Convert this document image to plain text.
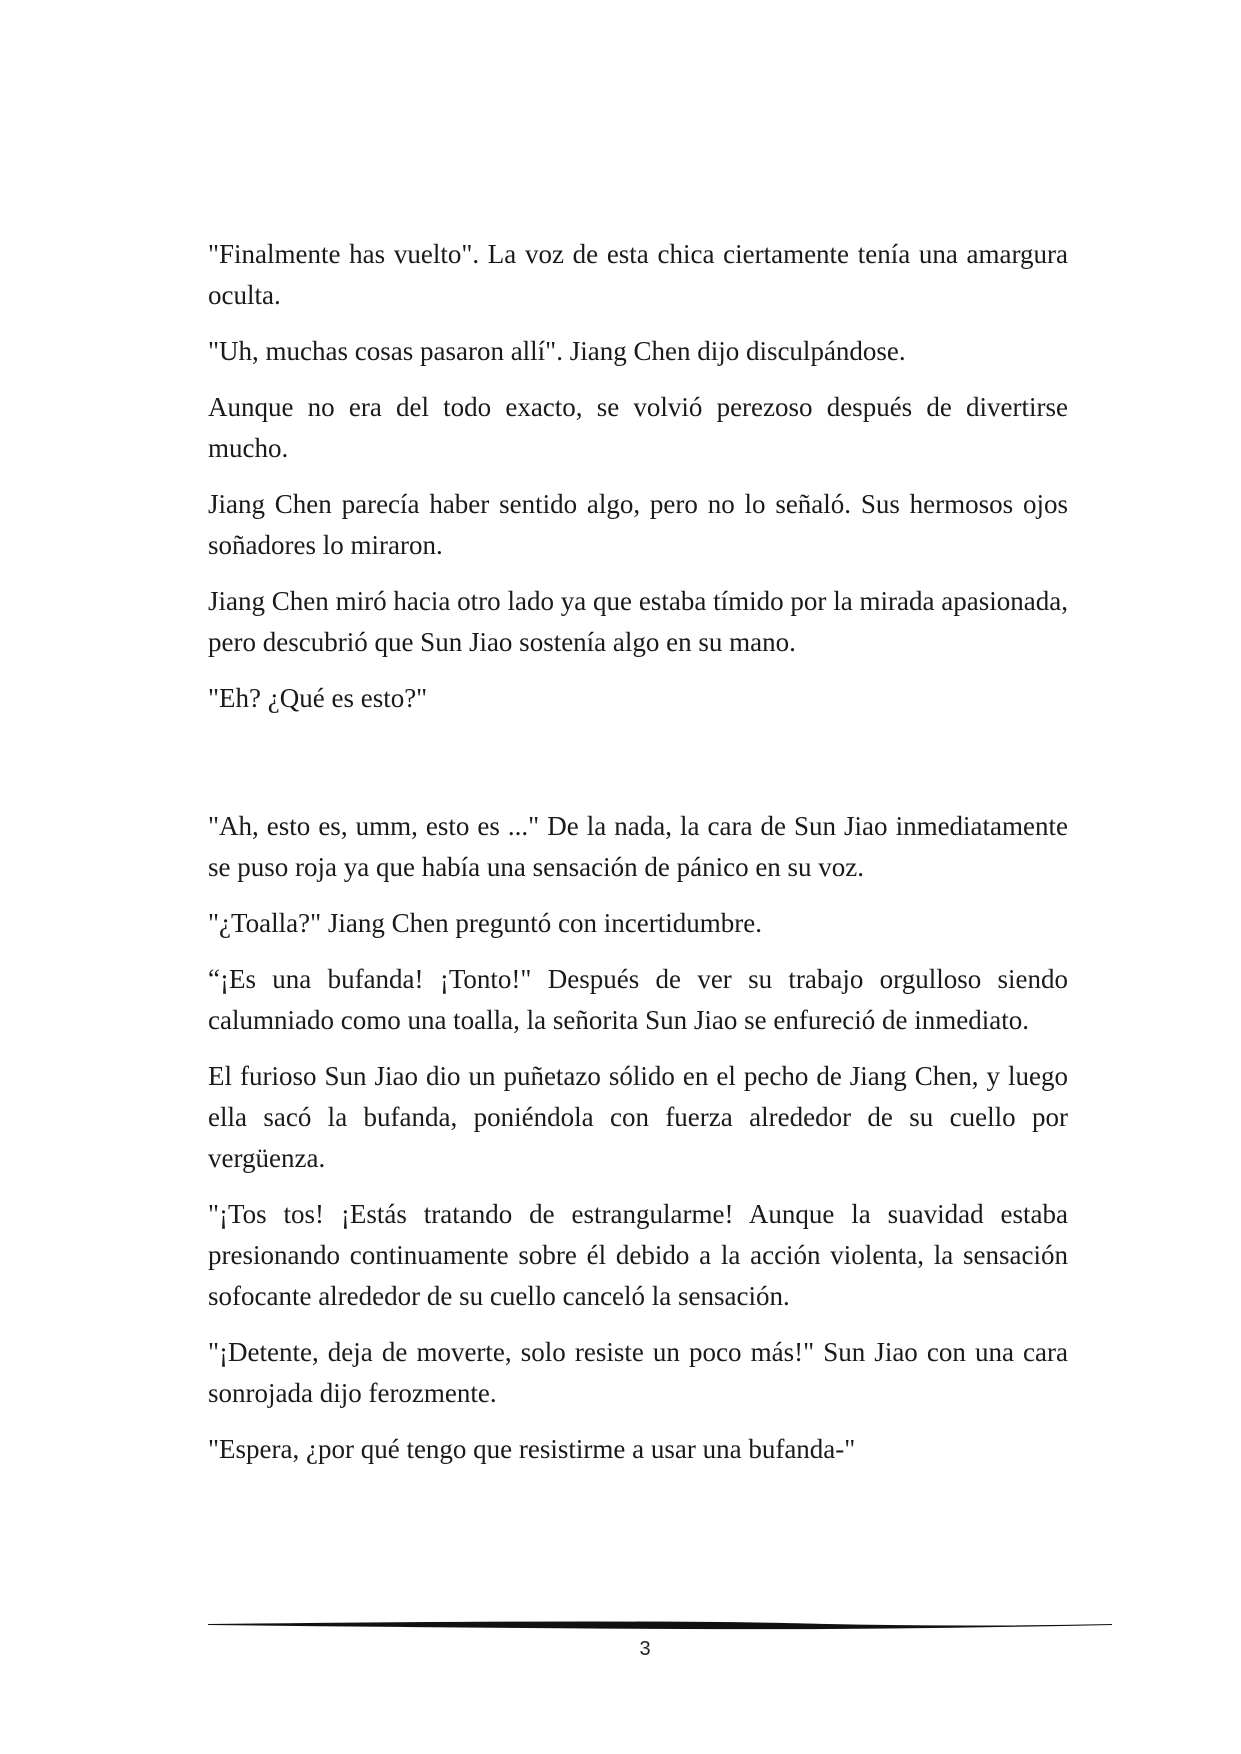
"Finalmente has vuelto". La voz de esta chica ciertamente tenía una amargura oculta.

"Uh, muchas cosas pasaron allí". Jiang Chen dijo disculpándose.

Aunque no era del todo exacto, se volvió perezoso después de divertirse mucho.

Jiang Chen parecía haber sentido algo, pero no lo señaló. Sus hermosos ojos soñadores lo miraron.

Jiang Chen miró hacia otro lado ya que estaba tímido por la mirada apasionada, pero descubrió que Sun Jiao sostenía algo en su mano.

"Eh? ¿Qué es esto?"

"Ah, esto es, umm, esto es ..." De la nada, la cara de Sun Jiao inmediatamente se puso roja ya que había una sensación de pánico en su voz.

"¿Toalla?" Jiang Chen preguntó con incertidumbre.

“¡Es una bufanda! ¡Tonto!" Después de ver su trabajo orgulloso siendo calumniado como una toalla, la señorita Sun Jiao se enfureció de inmediato.

El furioso Sun Jiao dio un puñetazo sólido en el pecho de Jiang Chen, y luego ella sacó la bufanda, poniéndola con fuerza alrededor de su cuello por vergüenza.

"¡Tos tos! ¡Estás tratando de estrangularme! Aunque la suavidad estaba presionando continuamente sobre él debido a la acción violenta, la sensación sofocante alrededor de su cuello canceló la sensación.

"¡Detente, deja de moverte, solo resiste un poco más!" Sun Jiao con una cara sonrojada dijo ferozmente.

"Espera, ¿por qué tengo que resistirme a usar una bufanda-"

3
